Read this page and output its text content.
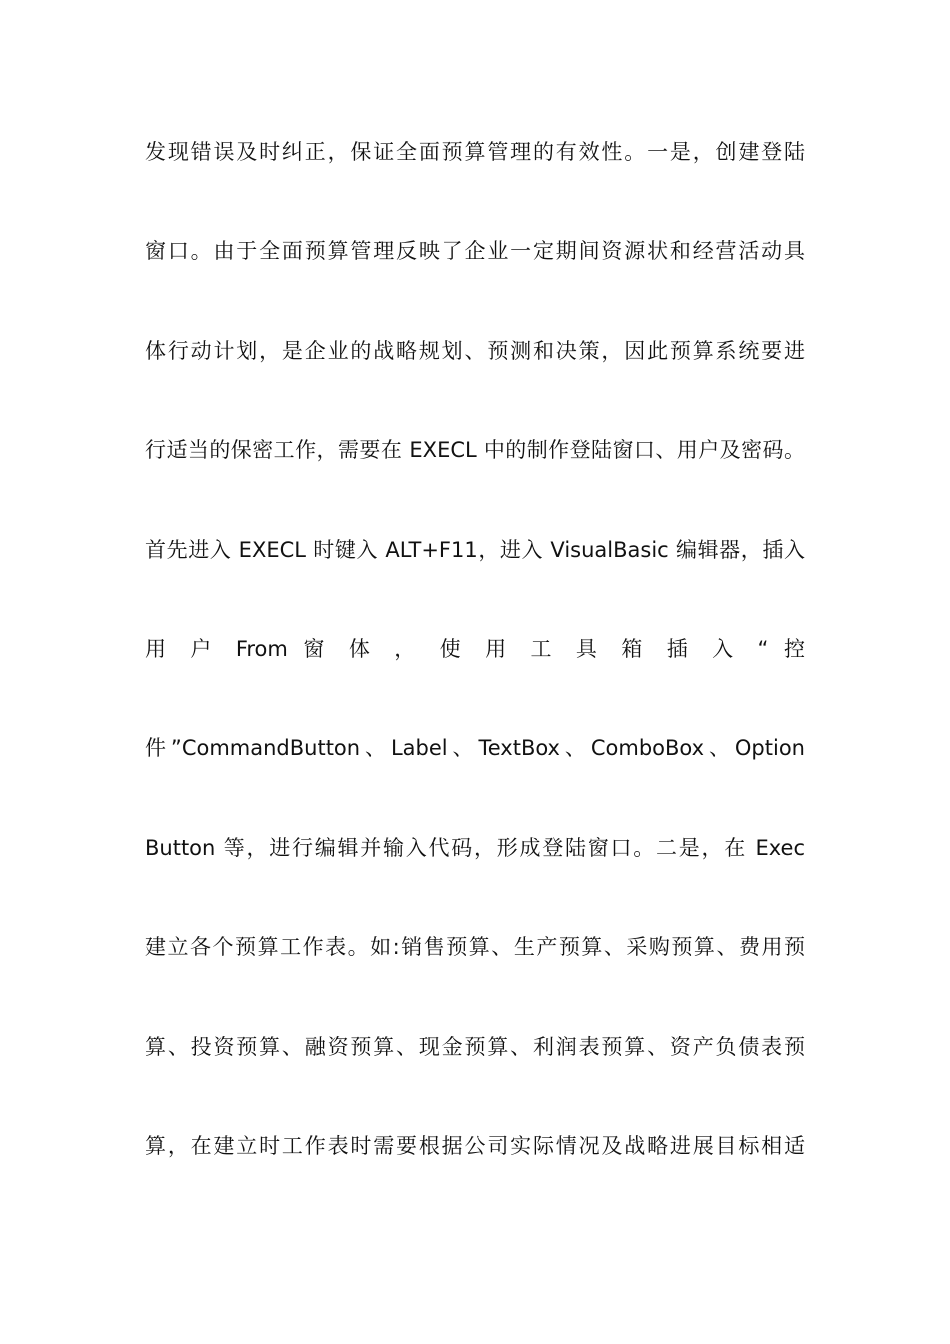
发现错误及时纠正，保证全面预算管理的有效性。一是，创建登陆
窗口。由于全面预算管理反映了企业一定期间资源状和经营活动具
体行动计划，是企业的战略规划、预测和决策，因此预算系统要进
行适当的保密工作，需要在 EXECL 中的制作登陆窗口、用户及密码。
首先进入 EXECL 时键入 ALT+F11，进入 VisualBasic 编辑器，插入
用 户 From 窗 体 ， 使 用 工 具 箱 插 入 “ 控
件”CommandButton、Label、TextBox、ComboBox、Option
Button 等，进行编辑并输入代码，形成登陆窗口。二是，在 Exec
建立各个预算工作表。如:销售预算、生产预算、采购预算、费用预
算、投资预算、融资预算、现金预算、利润表预算、资产负债表预
算，在建立时工作表时需要根据公司实际情况及战略进展目标相适
